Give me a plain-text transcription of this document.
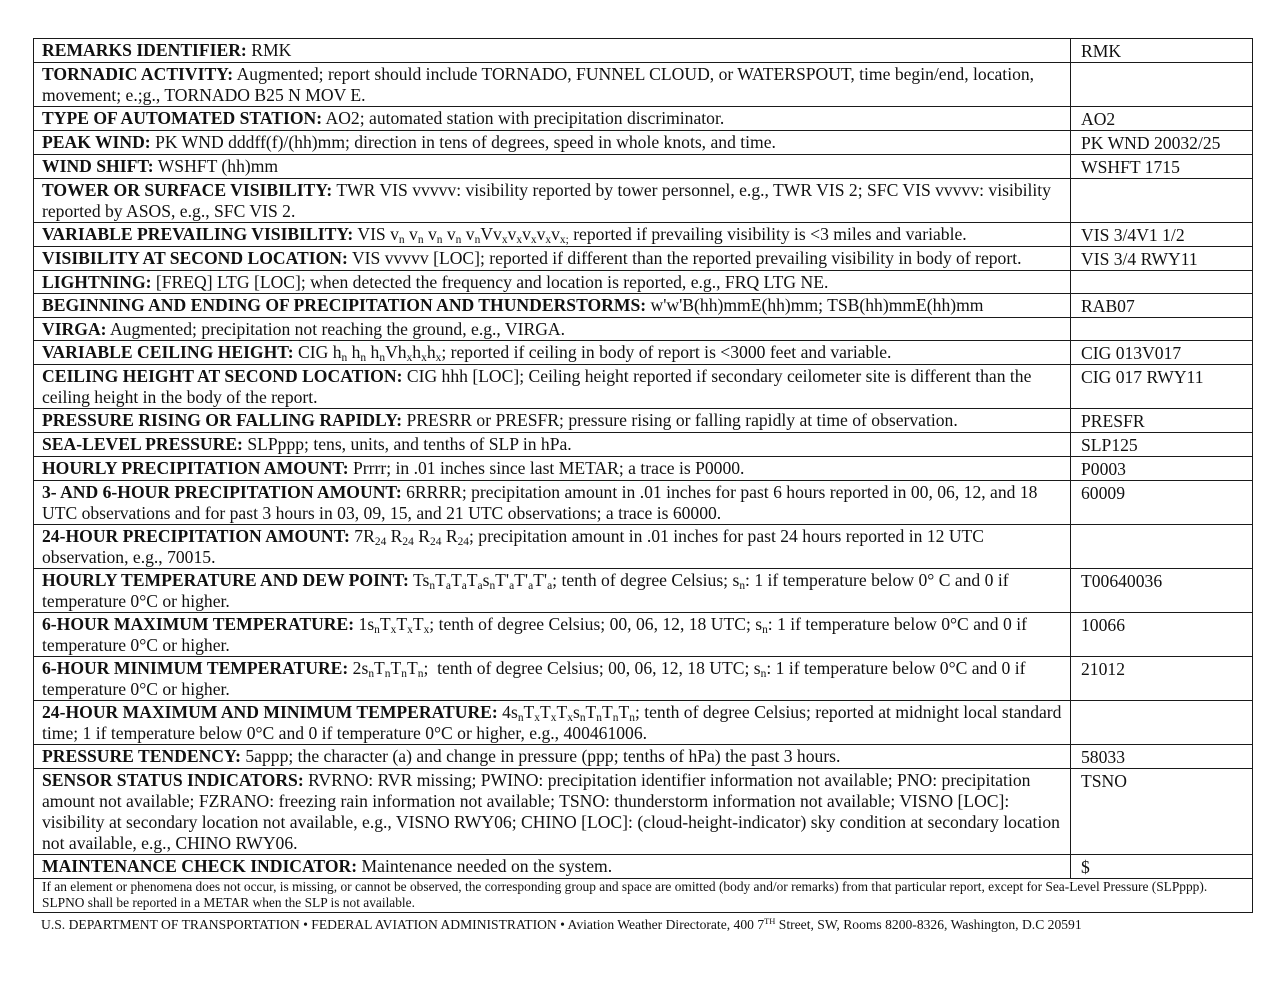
REMARKS IDENTIFIER: RMK	RMK
TORNADIC ACTIVITY: Augmented; report should include TORNADO, FUNNEL CLOUD, or WATERSPOUT, time begin/end, location, movement; e.;g., TORNADO B25 N MOV E.	
TYPE OF AUTOMATED STATION: AO2; automated station with precipitation discriminator.	AO2
PEAK WIND: PK WND dddff(f)/(hh)mm; direction in tens of degrees, speed in whole knots, and time.	PK WND 20032/25
WIND SHIFT: WSHFT (hh)mm	WSHFT 1715
TOWER OR SURFACE VISIBILITY: TWR VIS vvvvv: visibility reported by tower personnel, e.g., TWR VIS 2; SFC VIS vvvvv: visibility reported by ASOS, e.g., SFC VIS 2.	
VARIABLE PREVAILING VISIBILITY: VIS $v_n$ $v_n$ $v_n$ $v_n$ $v_nVv_xv_xv_xv_xv_{x;}$ reported if prevailing visibility is <3 miles and variable.	VIS 3/4V1 1/2
VISIBILITY AT SECOND LOCATION: VIS vvvvv [LOC]; reported if different than the reported prevailing visibility in body of report.	VIS 3/4 RWY11
LIGHTNING: [FREQ] LTG [LOC]; when detected the frequency and location is reported, e.g., FRQ LTG NE.	
BEGINNING AND ENDING OF PRECIPITATION AND THUNDERSTORMS: w'w'B(hh)mmE(hh)mm; TSB(hh)mmE(hh)mm	RAB07
VIRGA: Augmented; precipitation not reaching the ground, e.g., VIRGA.	
VARIABLE CEILING HEIGHT: CIG $h_n$ $h_n$ $h_nVh_xh_xh_x$; reported if ceiling in body of report is <3000 feet and variable.	CIG 013V017
CEILING HEIGHT AT SECOND LOCATION: CIG hhh [LOC]; Ceiling height reported if secondary ceilometer site is different than the ceiling height in the body of the report.	CIG 017 RWY11
PRESSURE RISING OR FALLING RAPIDLY: PRESRR or PRESFR; pressure rising or falling rapidly at time of observation.	PRESFR
SEA-LEVEL PRESSURE: SLPppp; tens, units, and tenths of SLP in hPa.	SLP125
HOURLY PRECIPITATION AMOUNT: Prrrr; in .01 inches since last METAR; a trace is P0000.	P0003
3- AND 6-HOUR PRECIPITATION AMOUNT: 6RRRR; precipitation amount in .01 inches for past 6 hours reported in 00, 06, 12, and 18 UTC observations and for past 3 hours in 03, 09, 15, and 21 UTC observations; a trace is 60000.	60009
24-HOUR PRECIPITATION AMOUNT: $7R_{24}$ $R_{24}$ $R_{24}$ $R_{24}$; precipitation amount in .01 inches for past 24 hours reported in 12 UTC observation, e.g., 70015.	
HOURLY TEMPERATURE AND DEW POINT: $Ts_nT_aT_aT_as_nT'_aT'_aT'_a$; tenth of degree Celsius; $s_n$: 1 if temperature below 0° C and 0 if temperature 0°C or higher.	T00640036
6-HOUR MAXIMUM TEMPERATURE: $1s_nT_xT_xT_x$; tenth of degree Celsius; 00, 06, 12, 18 UTC; $s_n$: 1 if temperature below 0°C and 0 if temperature 0°C or higher.	10066
6-HOUR MINIMUM TEMPERATURE: $2s_nT_nT_nT_n$;  tenth of degree Celsius; 00, 06, 12, 18 UTC; $s_n$: 1 if temperature below 0°C and 0 if temperature 0°C or higher.	21012
24-HOUR MAXIMUM AND MINIMUM TEMPERATURE: $4s_nT_xT_xT_xs_nT_nT_nT_n$; tenth of degree Celsius; reported at midnight local standard time; 1 if temperature below 0°C and 0 if temperature 0°C or higher, e.g., 400461006.	
PRESSURE TENDENCY: 5appp; the character (a) and change in pressure (ppp; tenths of hPa) the past 3 hours.	58033
SENSOR STATUS INDICATORS: RVRNO: RVR missing; PWINO: precipitation identifier information not available; PNO: precipitation amount not available; FZRANO: freezing rain information not available; TSNO: thunderstorm information not available; VISNO [LOC]: visibility at secondary location not available, e.g., VISNO RWY06; CHINO [LOC]: (cloud-height-indicator) sky condition at secondary location not available, e.g., CHINO RWY06.	TSNO
MAINTENANCE CHECK INDICATOR: Maintenance needed on the system.	$
If an element or phenomena does not occur, is missing, or cannot be observed, the corresponding group and space are omitted (body and/or remarks) from that particular report, except for Sea-Level Pressure (SLPppp). SLPNO shall be reported in a METAR when the SLP is not available.
U.S. DEPARTMENT OF TRANSPORTATION • FEDERAL AVIATION ADMINISTRATION • Aviation Weather Directorate, 400 7TH Street, SW, Rooms 8200-8326, Washington, D.C 20591
